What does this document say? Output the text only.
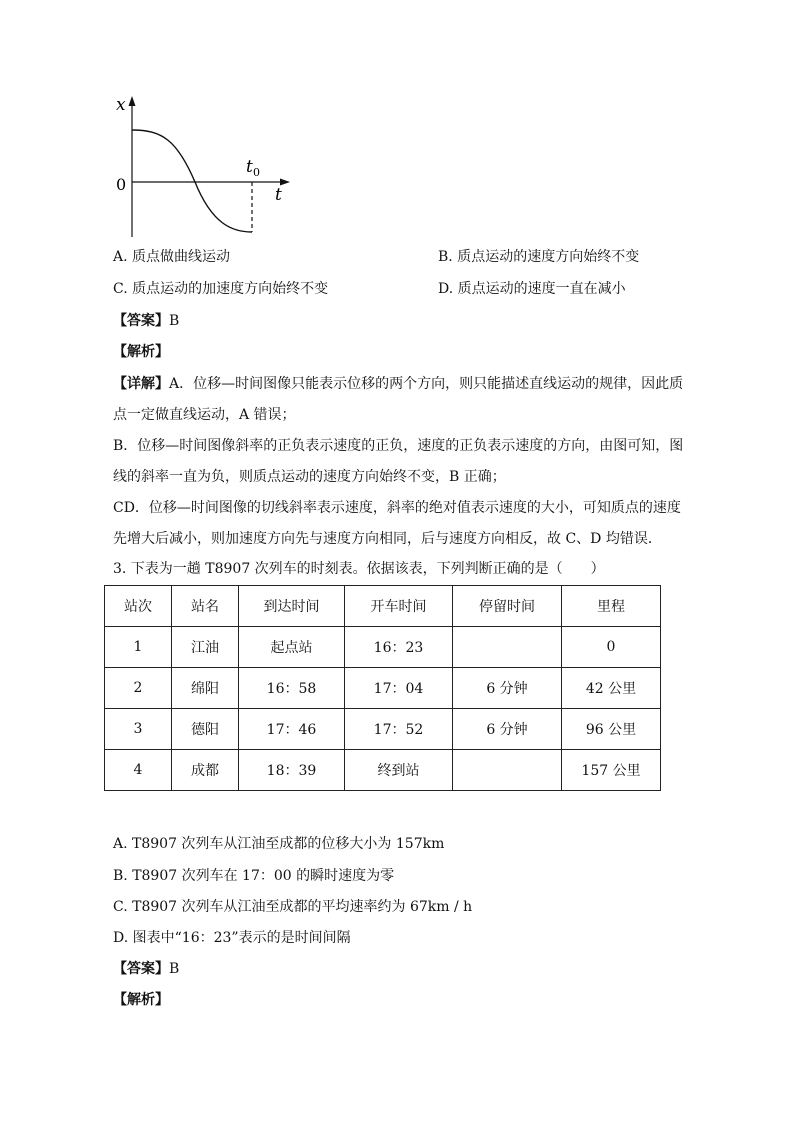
x
0
t
t 0
A. 质点做曲线运动	B. 质点运动的速度方向始终不变
C. 质点运动的加速度方向始终不变	D. 质点运动的速度一直在减小
【答案】B
【解析】
【详解】A．位移—时间图像只能表示位移的两个方向，则只能描述直线运动的规律，因此质
点一定做直线运动，A 错误；
B．位移—时间图像斜率的正负表示速度的正负，速度的正负表示速度的方向，由图可知，图
线的斜率一直为负，则质点运动的速度方向始终不变，B 正确；
CD．位移—时间图像的切线斜率表示速度，斜率的绝对值表示速度的大小，可知质点的速度
先增大后减小，则加速度方向先与速度方向相同，后与速度方向相反，故 C、D 均错误．
3. 下表为一趟 T8907 次列车的时刻表。依据该表，下列判断正确的是（　　）
站次	站名	到达时间	开车时间	停留时间	里程
1	江油	起点站	16：23		0
2	绵阳	16：58	17：04	6 分钟	42 公里
3	德阳	17：46	17：52	6 分钟	96 公里
4	成都	18：39	终到站		157 公里
A. T8907 次列车从江油至成都的位移大小为 157km
B. T8907 次列车在 17：00 的瞬时速度为零
C. T8907 次列车从江油至成都的平均速率约为 67km / h
D. 图表中“16：23”表示的是时间间隔
【答案】B
【解析】
